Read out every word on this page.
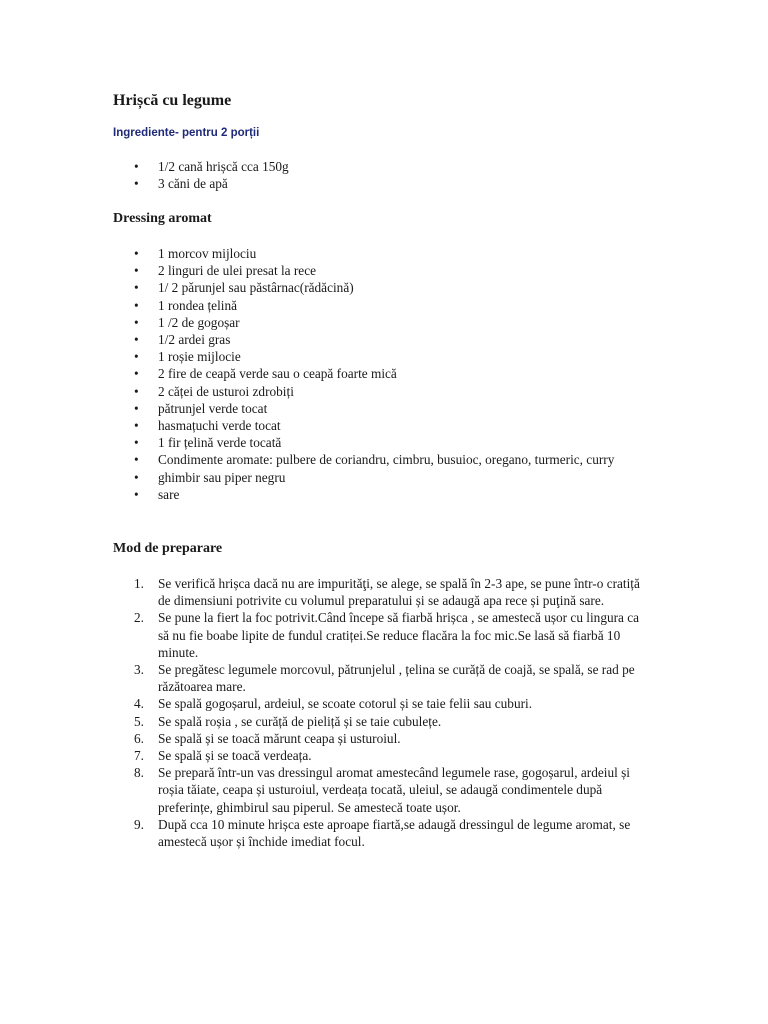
Hrișcă cu legume
Ingrediente- pentru 2 porții
• 1/2 cană hrișcă cca 150g
• 3 căni de apă
Dressing aromat
• 1 morcov mijlociu
• 2 linguri de ulei presat la rece
• 1/ 2 pǎrunjel sau păstârnac(rădăcină)
• 1 rondea țelină
• 1 /2 de gogoșar
• 1/2 ardei gras
• 1 roșie mijlocie
• 2 fire de ceapă verde sau o ceapă foarte mică
• 2 căței de usturoi zdrobiți
• pătrunjel verde tocat
• hasmațuchi verde tocat
• 1 fir țelină verde tocată
• Condimente aromate: pulbere de coriandru, cimbru, busuioc, oregano, turmeric, curry
• ghimbir sau piper negru
• sare
Mod de preparare
1. Se verifică hrișca dacă nu are impurităţi, se alege, se spală în 2-3 ape, se pune într-o cratiță de dimensiuni potrivite cu volumul preparatului și se adaugă apa rece și puţină sare.
2. Se pune la fiert la foc potrivit.Când începe să fiarbă hrișca , se amestecă ușor cu lingura ca să nu fie boabe lipite de fundul cratiței.Se reduce flacăra la foc mic.Se lasă să fiarbă 10 minute.
3. Se pregătesc legumele morcovul, pătrunjelul , țelina se curăță de coajă, se spală, se rad pe răzătoarea mare.
4. Se spală gogoșarul, ardeiul, se scoate cotorul și se taie felii sau cuburi.
5. Se spală roșia , se curăță de pieliță și se taie cubulețe.
6. Se spală și se toacă mărunt ceapa și usturoiul.
7. Se spală și se toacă verdeața.
8. Se prepară într-un vas dressingul aromat amestecând legumele rase, gogoșarul, ardeiul și roșia tăiate, ceapa și usturoiul, verdeața tocată, uleiul, se adaugă condimentele după preferințe, ghimbirul sau piperul. Se amestecă toate ușor.
9. După cca 10 minute hrișca este aproape fiartă,se adaugă dressingul de legume aromat, se amestecă ușor și închide imediat focul.
